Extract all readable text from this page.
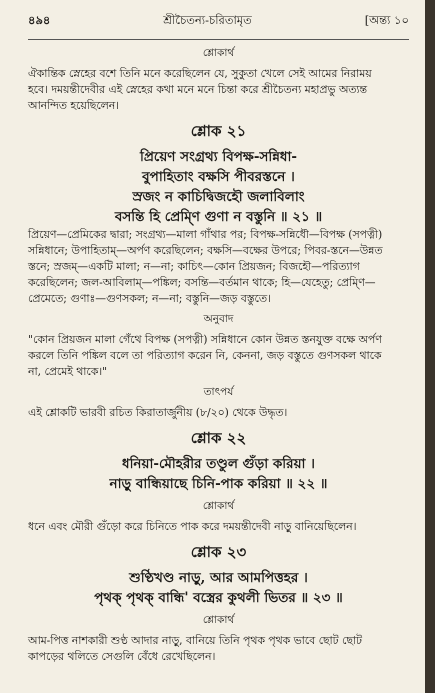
৪৯৪	শ্রীচৈতন্য-চরিতামৃত	[অন্ত্য ১০
শ্লোকার্থ
ঐকান্তিক স্নেহের বশে তিনি মনে করেছিলেন যে, সুকুতা খেলে সেই আমের নিরাময়
হবে। দময়ন্তীদেবীর এই স্নেহের কথা মনে মনে চিন্তা করে শ্রীচৈতন্য মহাপ্রভু অত্যন্ত
আনন্দিত হয়েছিলেন।
শ্লোক ২১
প্রিয়েণ সংগ্রথ্য বিপক্ষ-সন্নিধা-
বুপাহিতাং বক্ষসি পীবরস্তনে ।
স্রজং ন কাচিদ্বিজহৌ জলাবিলাং
বসন্তি হি প্রেম্ণি গুণা ন বস্তুনি ॥ ২১ ॥
প্রিয়েণ—প্রেমিকের দ্বারা; সংগ্রথ্য—মালা গাঁথার পর; বিপক্ষ-সন্নিধৌ—বিপক্ষ (সপত্নী)
সন্নিধানে; উপাহিতাম্—অর্পণ করেছিলেন; বক্ষসি—বক্ষের উপরে; পিবর-স্তনে—উন্নত
স্তনে; স্রজম্—একটি মালা; ন—না; কাচিৎ—কোন প্রিয়জন; বিজহৌ—পরিত্যাগ
করেছিলেন; জল-আবিলাম্—পঙ্কিল; বসন্তি—বর্তমান থাকে; হি—যেহেতু; প্রেম্ণি—
প্রেমেতে; গুণাঃ—গুণসকল; ন—না; বস্তুনি—জড় বস্তুতে।
অনুবাদ
"কোন প্রিয়জন মালা গেঁথে বিপক্ষ (সপত্নী) সন্নিধানে কোন উন্নত স্তনযুক্ত বক্ষে অর্পণ
করলে তিনি পঙ্কিল বলে তা পরিত্যাগ করেন নি, কেননা, জড় বস্তুতে গুণসকল থাকে
না, প্রেমেই থাকে।"
তাৎপর্য
এই শ্লোকটি ভারবী রচিত কিরাতার্জুনীয় (৮/২০) থেকে উদ্ধৃত।
শ্লোক ২২
ধনিয়া-মৌহরীর তণ্ডুল গুঁড়া করিয়া ।
নাড়ু বান্ধিয়াছে চিনি-পাক করিয়া ॥ ২২ ॥
শ্লোকার্থ
ধনে এবং মৌরী গুঁড়ো করে চিনিতে পাক করে দময়ন্তীদেবী নাড়ু বানিয়েছিলেন।
শ্লোক ২৩
শুণ্ঠিখণ্ড নাড়ু, আর আমপিত্তহর ।
পৃথক্ পৃথক্ বান্ধি' বস্ত্রের কুথলী ভিতর ॥ ২৩ ॥
শ্লোকার্থ
আম-পিত্ত নাশকারী শুণ্ঠ আদার নাড়ু, বানিয়ে তিনি পৃথক পৃথক ভাবে ছোট ছোট
কাপড়ের থলিতে সেগুলি বেঁধে রেখেছিলেন।
